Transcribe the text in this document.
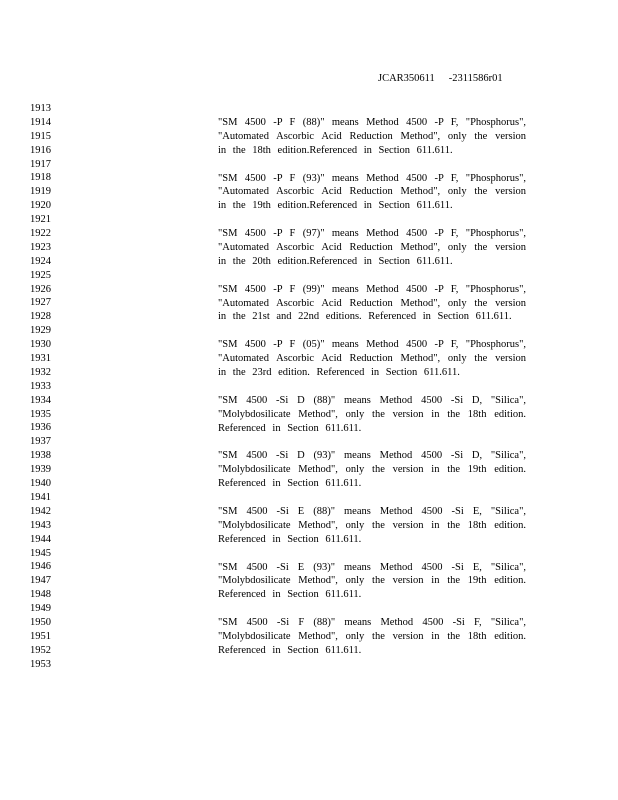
JCAR350611 -2311586r01
1913
1914
1915
1916
1917
1918
1919
1920
1921
1922
1923
1924
1925
1926
1927
1928
1929
1930
1931
1932
1933
1934
1935
1936
1937
1938
1939
1940
1941
1942
1943
1944
1945
1946
1947
1948
1949
1950
1951
1952
1953
"SM 4500 -P F (88)" means Method 4500 -P F, "Phosphorus",
"Automated Ascorbic Acid Reduction Method", only the version
in the 18th edition.Referenced in Section 611.611.
"SM 4500 -P F (93)" means Method 4500 -P F, "Phosphorus",
"Automated Ascorbic Acid Reduction Method", only the version
in the 19th edition.Referenced in Section 611.611.
"SM 4500 -P F (97)" means Method 4500 -P F, "Phosphorus",
"Automated Ascorbic Acid Reduction Method", only the version
in the 20th edition.Referenced in Section 611.611.
"SM 4500 -P F (99)" means Method 4500 -P F, "Phosphorus",
"Automated Ascorbic Acid Reduction Method", only the version
in the 21st and 22nd editions. Referenced in Section 611.611.
"SM 4500 -P F (05)" means Method 4500 -P F, "Phosphorus",
"Automated Ascorbic Acid Reduction Method", only the version
in the 23rd edition. Referenced in Section 611.611.
"SM 4500 -Si D (88)" means Method 4500 -Si D, "Silica",
"Molybdosilicate Method", only the version in the 18th edition.
Referenced in Section 611.611.
"SM 4500 -Si D (93)" means Method 4500 -Si D, "Silica",
"Molybdosilicate Method", only the version in the 19th edition.
Referenced in Section 611.611.
"SM 4500 -Si E (88)" means Method 4500 -Si E, "Silica",
"Molybdosilicate Method", only the version in the 18th edition.
Referenced in Section 611.611.
"SM 4500 -Si E (93)" means Method 4500 -Si E, "Silica",
"Molybdosilicate Method", only the version in the 19th edition.
Referenced in Section 611.611.
"SM 4500 -Si F (88)" means Method 4500 -Si F, "Silica",
"Molybdosilicate Method", only the version in the 18th edition.
Referenced in Section 611.611.
